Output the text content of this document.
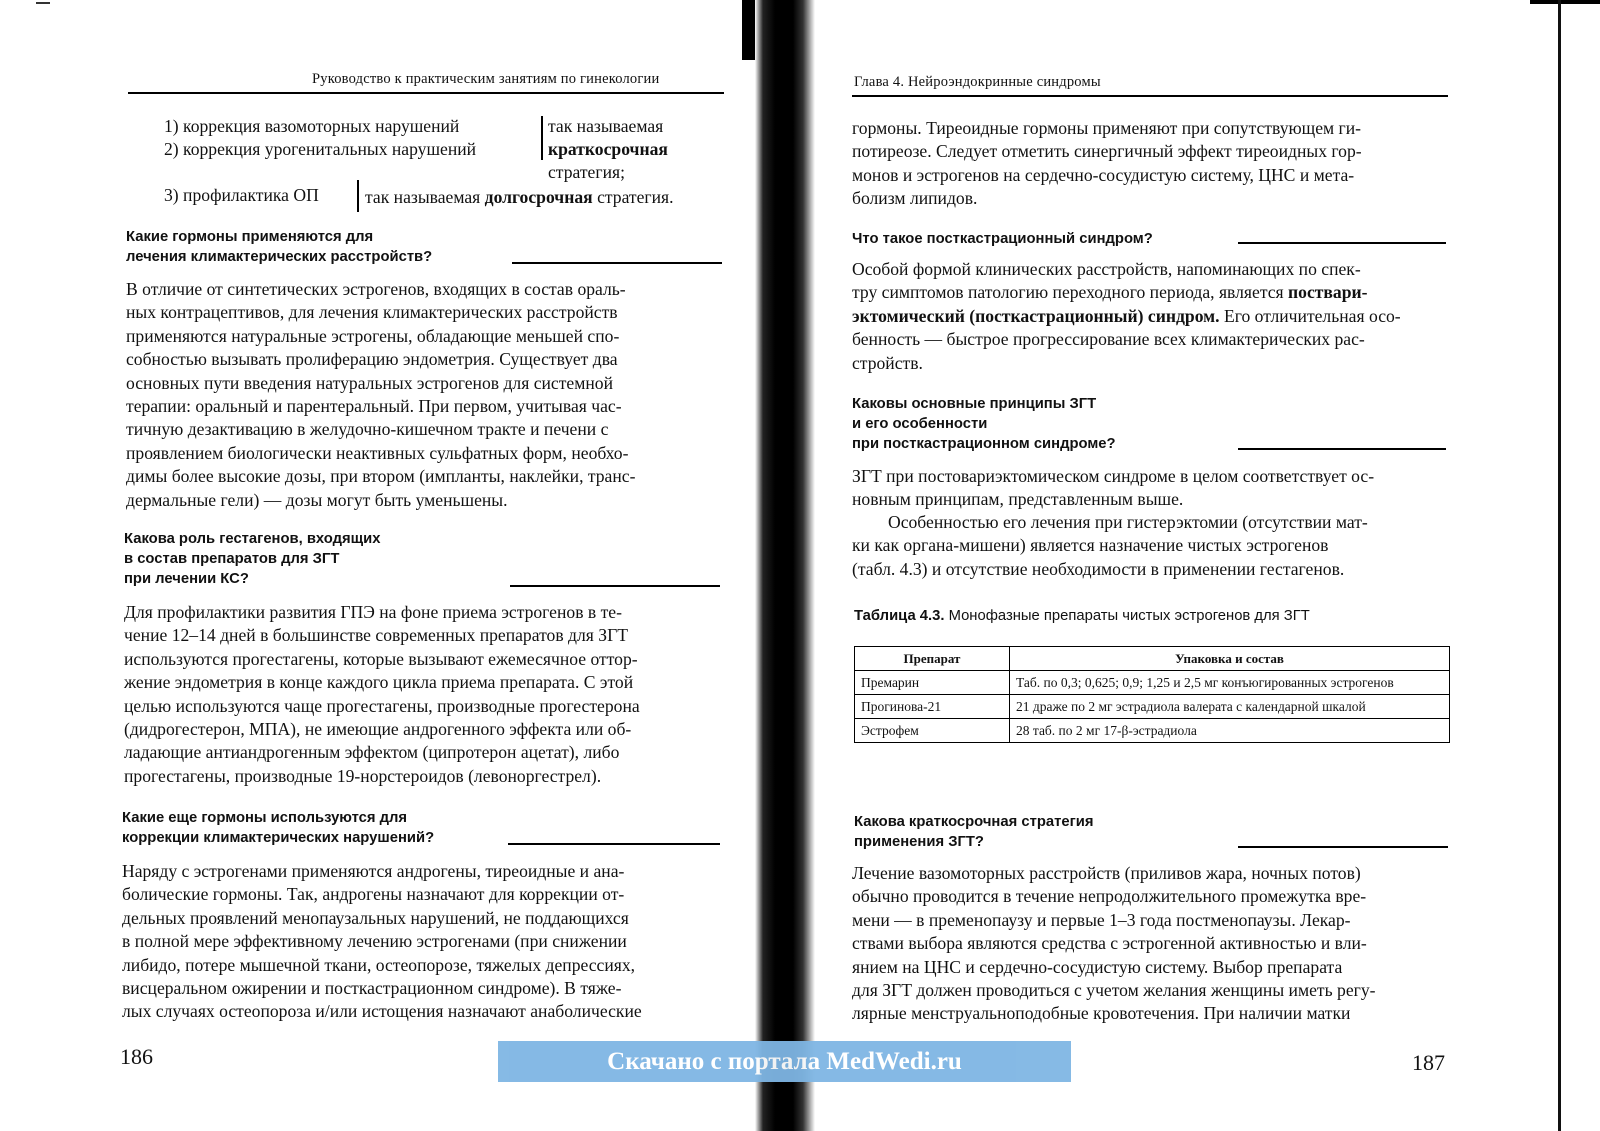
Руководство к практическим занятиям по гинекологии
1) коррекция вазомоторных нарушений
2) коррекция урогенитальных нарушений
так называемая
краткосрочная
стратегия;
3) профилактика ОП	так называемая долгосрочная стратегия.
Какие гормоны применяются для
лечения климактерических раcстройств?
В отличие от синтетических эстрогенов, входящих в состав ораль-
ных контрацептивов, для лечения климактерических расстройств
применяются натуральные эстрогены, обладающие меньшей спо-
собностью вызывать пролиферацию эндометрия. Существует два
основных пути введения натуральных эстрогенов для системной
терапии: оральный и парентеральный. При первом, учитывая час-
тичную дезактивацию в желудочно-кишечном тракте и печени с
проявлением биологически неактивных сульфатных форм, необхо-
димы более высокие дозы, при втором (импланты, наклейки, транс-
дермальные гели) — дозы могут быть уменьшены.
Какова роль гестагенов, входящих
в состав препаратов для ЗГТ
при лечении КС?
Для профилактики развития ГПЭ на фоне приема эстрогенов в те-
чение 12–14 дней в большинстве современных препаратов для ЗГТ
используются прогестагены, которые вызывают ежемесячное оттор-
жение эндометрия в конце каждого цикла приема препарата. С этой
целью используются чаще прогестагены, производные прогестерона
(дидрогестерон, МПА), не имеющие андрогенного эффекта или об-
ладающие антиандрогенным эффектом (ципротерон ацетат), либо
прогестагены, производные 19-норстероидов (левоноргестрел).
Какие еще гормоны используются для
коррекции климактерических нарушений?
Наряду с эстрогенами применяются андрогены, тиреоидные и ана-
болические гормоны. Так, андрогены назначают для коррекции от-
дельных проявлений менопаузальных нарушений, не поддающихся
в полной мере эффективному лечению эстрогенами (при снижении
либидо, потере мышечной ткани, остеопорозе, тяжелых депрессиях,
висцеральном ожирении и посткастрационном синдроме). В тяже-
лых случаях остеопороза и/или истощения назначают анаболические
186
Глава 4. Нейроэндокринные синдромы
гормоны. Тиреоидные гормоны применяют при сопутствующем ги-
потиреозе. Следует отметить синергичный эффект тиреоидных гор-
монов и эстрогенов на сердечно-сосудистую систему, ЦНС и мета-
болизм липидов.
Что такое посткастрационный синдром?
Особой формой клинических расстройств, напоминающих по спек-
тру симптомов патологию переходного периода, является поствари-
эктомический (посткастрационный) синдром. Его отличительная осо-
бенность — быстрое прогрессирование всех климактерических рас-
стройств.
Каковы основные принципы ЗГТ
и его особенности
при посткастрационном синдроме?
ЗГТ при постовариэктомическом синдроме в целом соответствует ос-
новным принципам, представленным выше.
Особенностью его лечения при гистерэктомии (отсутствии мат-
ки как органа-мишени) является назначение чистых эстрогенов
(табл. 4.3) и отсутствие необходимости в применении гестагенов.
Таблица 4.3. Монофазные препараты чистых эстрогенов для ЗГТ
Препарат	Упаковка и состав
Премарин	Таб. по 0,3; 0,625; 0,9; 1,25 и 2,5 мг конъюгированных эстрогенов
Прогинова-21	21 драже по 2 мг эстрадиола валерата с календарной шкалой
Эстрофем	28 таб. по 2 мг 17-β-эстрадиола
Какова краткосрочная стратегия
применения ЗГТ?
Лечение вазомоторных расстройств (приливов жара, ночных потов)
обычно проводится в течение непродолжительного промежутка вре-
мени — в пременопаузу и первые 1–3 года постменопаузы. Лекар-
ствами выбора являются средства с эстрогенной активностью и вли-
янием на ЦНС и сердечно-сосудистую систему. Выбор препарата
для ЗГТ должен проводиться с учетом желания женщины иметь регу-
лярные менструальноподобные кровотечения. При наличии матки
187
Скачано с портала MedWedi.ru
